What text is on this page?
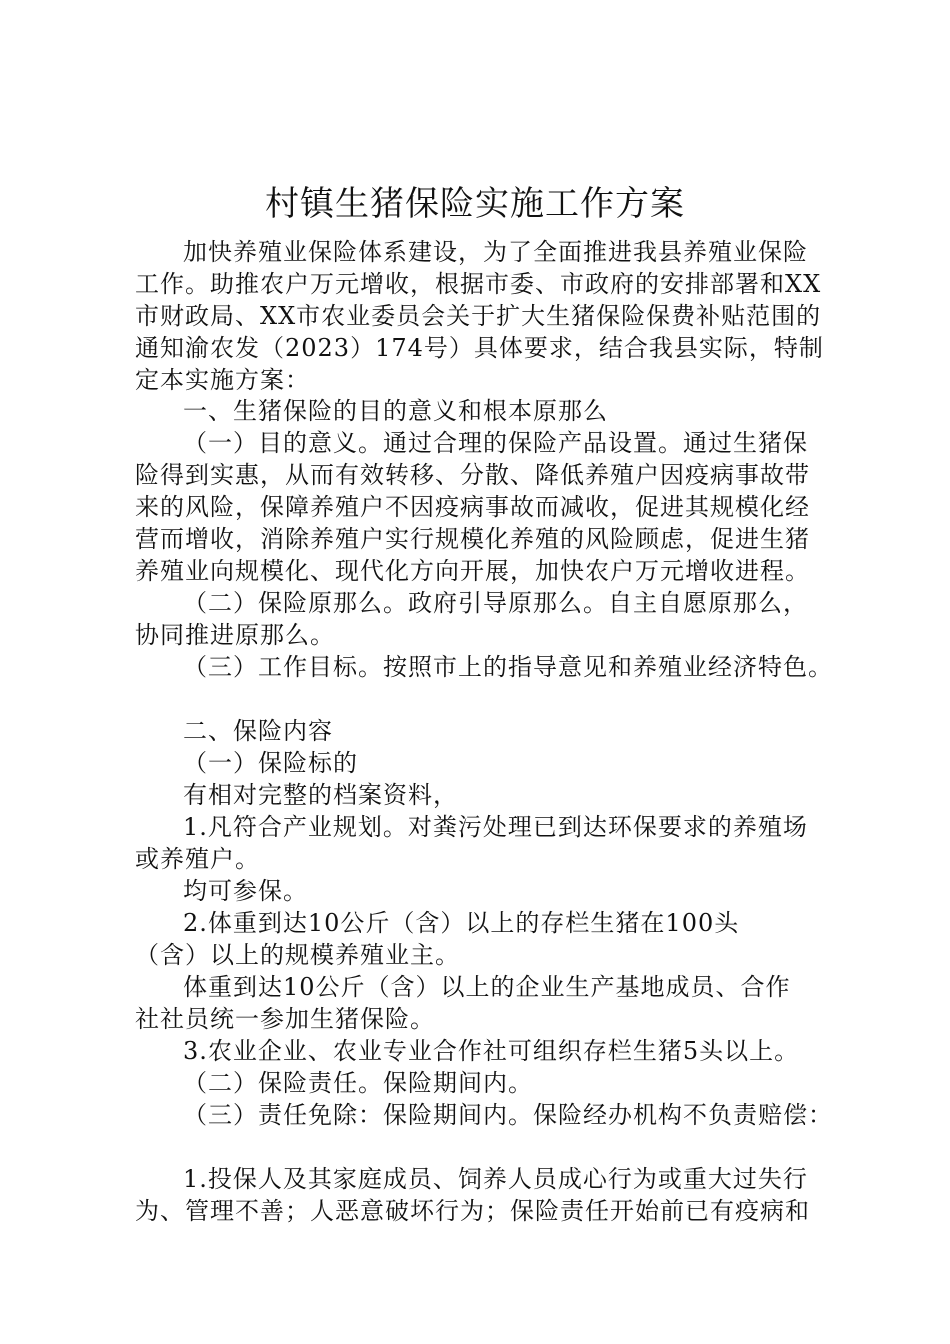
村镇生猪保险实施工作方案
加快养殖业保险体系建设，为了全面推进我县养殖业保险
工作。助推农户万元增收，根据市委、市政府的安排部署和XX
市财政局、XX市农业委员会关于扩大生猪保险保费补贴范围的
通知渝农发（2023）174号）具体要求，结合我县实际，特制
定本实施方案：
一、生猪保险的目的意义和根本原那么
（一）目的意义。通过合理的保险产品设置。通过生猪保
险得到实惠，从而有效转移、分散、降低养殖户因疫病事故带
来的风险，保障养殖户不因疫病事故而减收，促进其规模化经
营而增收，消除养殖户实行规模化养殖的风险顾虑，促进生猪
养殖业向规模化、现代化方向开展，加快农户万元增收进程。
（二）保险原那么。政府引导原那么。自主自愿原那么，
协同推进原那么。
（三）工作目标。按照市上的指导意见和养殖业经济特色。
二、保险内容
（一）保险标的
有相对完整的档案资料，
1.凡符合产业规划。对粪污处理已到达环保要求的养殖场
或养殖户。
均可参保。
2.体重到达10公斤（含）以上的存栏生猪在100头
（含）以上的规模养殖业主。
体重到达10公斤（含）以上的企业生产基地成员、合作
社社员统一参加生猪保险。
3.农业企业、农业专业合作社可组织存栏生猪5头以上。
（二）保险责任。保险期间内。
（三）责任免除：保险期间内。保险经办机构不负责赔偿：
1.投保人及其家庭成员、饲养人员成心行为或重大过失行
为、管理不善；人恶意破坏行为；保险责任开始前已有疫病和
